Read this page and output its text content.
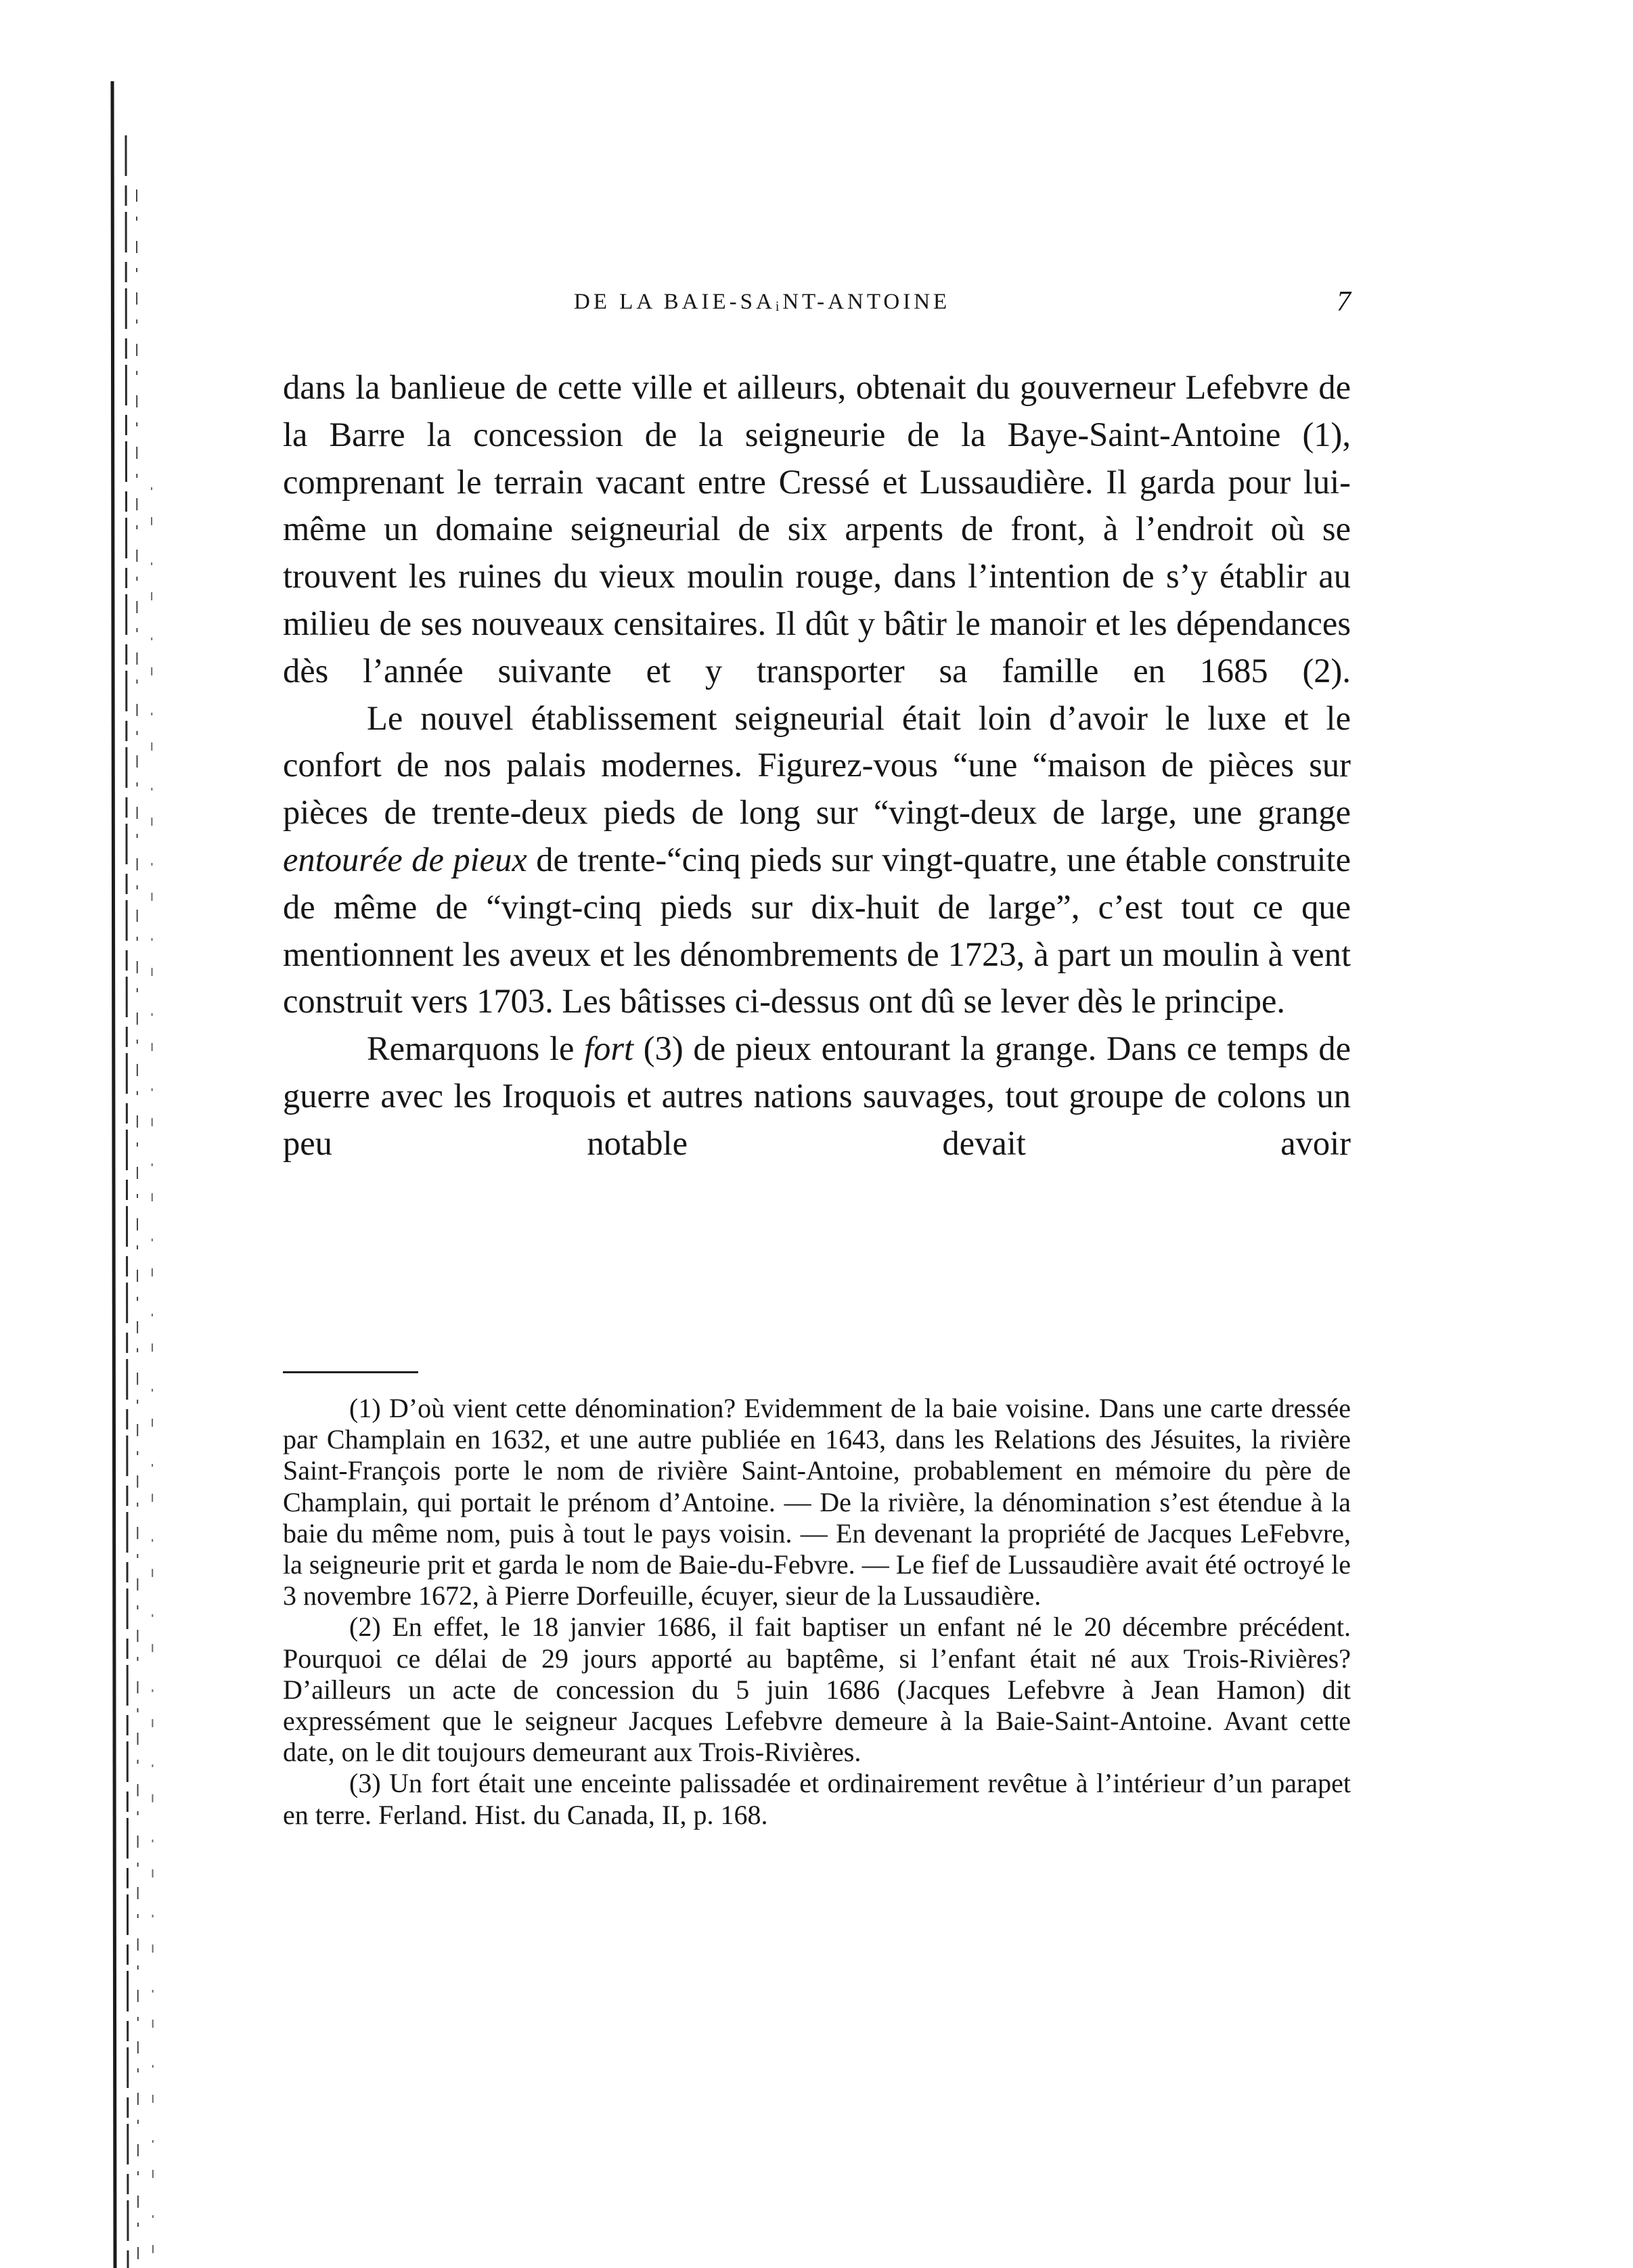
DE LA BAIE-SAᵢNT-ANTOINE	7

dans la banlieue de cette ville et ailleurs, obtenait du gouverneur Lefebvre de la Barre la concession de la seigneurie de la Baye-Saint-Antoine (1), comprenant le terrain vacant entre Cressé et Lussaudière. Il garda pour lui-même un domaine seigneurial de six arpents de front, à l’endroit où se trouvent les ruines du vieux moulin rouge, dans l’intention de s’y établir au milieu de ses nouveaux censitaires. Il dût y bâtir le manoir et les dépendances dès l’année suivante et y transporter sa famille en 1685 (2).

Le nouvel établissement seigneurial était loin d’avoir le luxe et le confort de nos palais modernes. Figurez-vous “une “maison de pièces sur pièces de trente-deux pieds de long sur “vingt-deux de large, une grange entourée de pieux de trente-“cinq pieds sur vingt-quatre, une étable construite de même de “vingt-cinq pieds sur dix-huit de large”, c’est tout ce que mentionnent les aveux et les dénombrements de 1723, à part un moulin à vent construit vers 1703. Les bâtisses ci-dessus ont dû se lever dès le principe.

Remarquons le fort (3) de pieux entourant la grange. Dans ce temps de guerre avec les Iroquois et autres nations sauvages, tout groupe de colons un peu notable devait avoir

(1) D’où vient cette dénomination? Evidemment de la baie voisine. Dans une carte dressée par Champlain en 1632, et une autre publiée en 1643, dans les Relations des Jésuites, la rivière Saint-François porte le nom de rivière Saint-Antoine, probablement en mémoire du père de Champlain, qui portait le prénom d’Antoine. — De la rivière, la dénomination s’est étendue à la baie du même nom, puis à tout le pays voisin. — En devenant la propriété de Jacques LeFebvre, la seigneurie prit et garda le nom de Baie-du-Febvre. — Le fief de Lussaudière avait été octroyé le 3 novembre 1672, à Pierre Dorfeuille, écuyer, sieur de la Lussaudière.

(2) En effet, le 18 janvier 1686, il fait baptiser un enfant né le 20 décembre précédent. Pourquoi ce délai de 29 jours apporté au baptême, si l’enfant était né aux Trois-Rivières? D’ailleurs un acte de concession du 5 juin 1686 (Jacques Lefebvre à Jean Hamon) dit expressément que le seigneur Jacques Lefebvre demeure à la Baie-Saint-Antoine. Avant cette date, on le dit toujours demeurant aux Trois-Rivières.

(3) Un fort était une enceinte palissadée et ordinairement revêtue à l’intérieur d’un parapet en terre. Ferland. Hist. du Canada, II, p. 168.
